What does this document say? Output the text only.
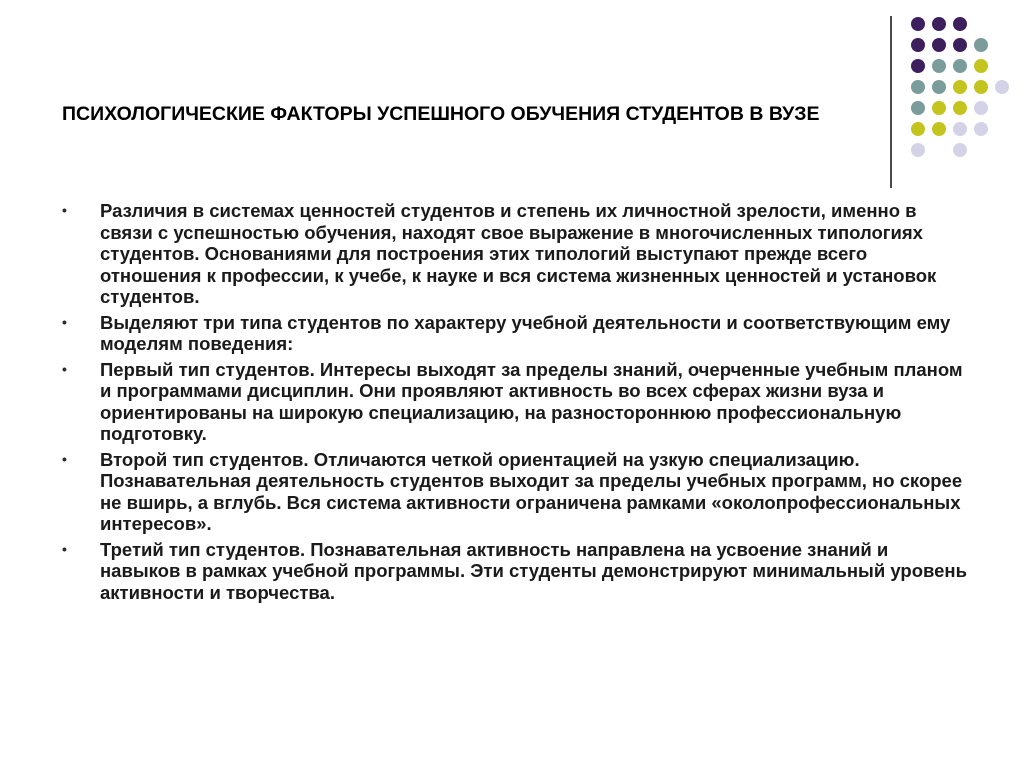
ПСИХОЛОГИЧЕСКИЕ ФАКТОРЫ УСПЕШНОГО ОБУЧЕНИЯ СТУДЕНТОВ В ВУЗЕ
• Различия в системах ценностей студентов и степень их личностной зрелости, именно в связи с успешностью обучения, находят свое выражение в многочисленных типологиях студентов. Основаниями для построения этих типологий выступают прежде всего отношения к профессии, к учебе, к науке и вся система жизненных ценностей и установок студентов.
• Выделяют три типа студентов по характеру учебной деятельности и соответствующим ему моделям поведения:
• Первый тип студентов. Интересы выходят за пределы знаний, очерченные учебным планом и программами дисциплин. Они проявляют активность во всех сферах жизни вуза и ориентированы на широкую специализацию, на разностороннюю профессиональную подготовку.
• Второй тип студентов. Отличаются четкой ориентацией на узкую специализацию. Познавательная деятельность студентов выходит за пределы учебных программ, но скорее не вширь, а вглубь. Вся система активности ограничена рамками «околопрофессиональных интересов».
• Третий тип студентов. Познавательная активность направлена на усвоение знаний и навыков в рамках учебной программы. Эти студенты демонстрируют минимальный уровень активности и творчества.
